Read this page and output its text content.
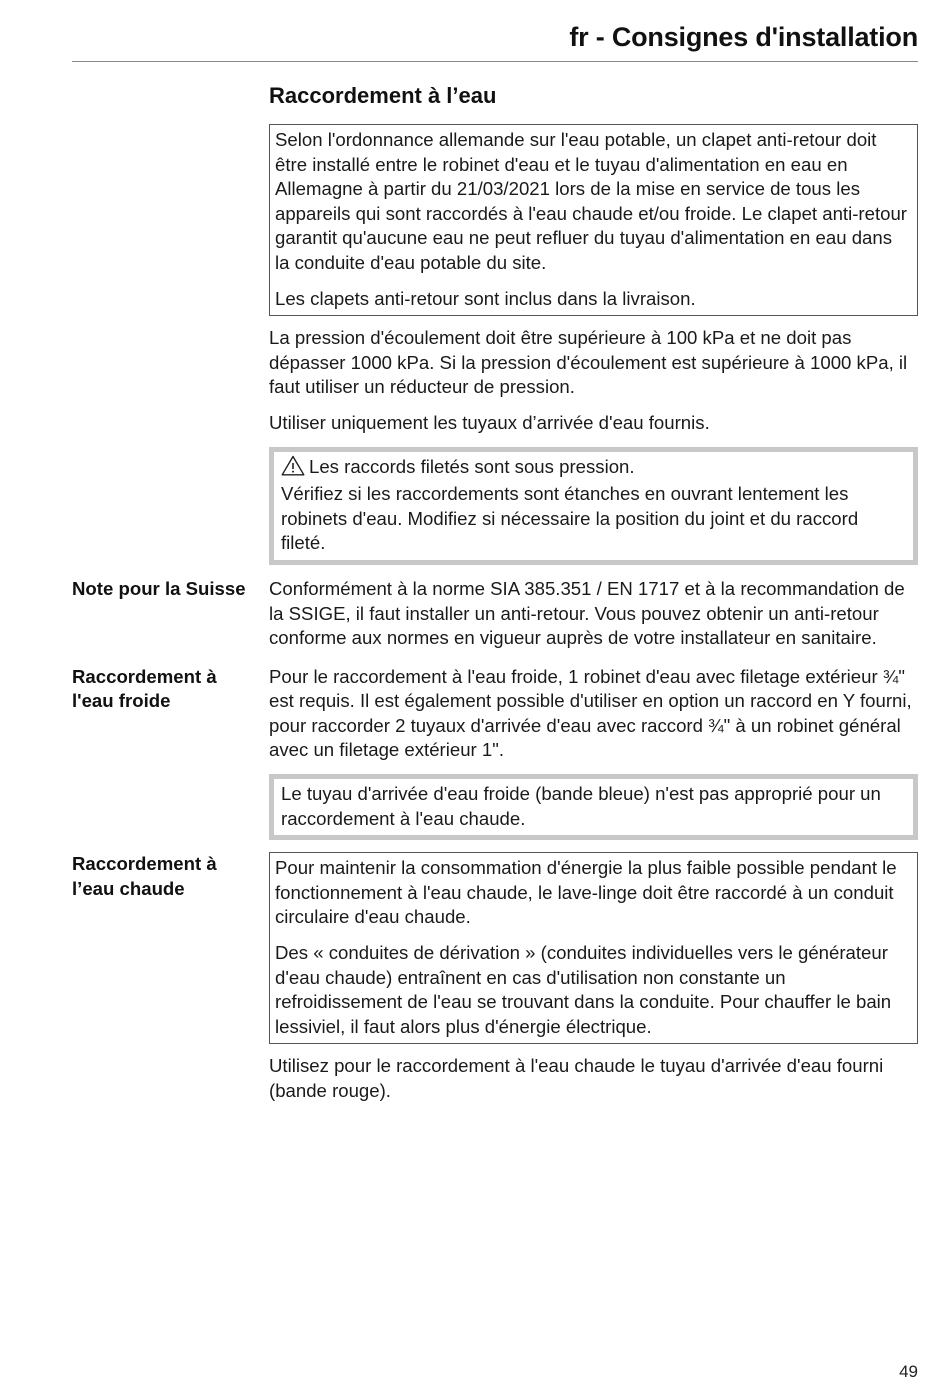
fr - Consignes d'installation
Raccordement à l’eau

Selon l'ordonnance allemande sur l'eau potable, un clapet anti-retour doit être installé entre le robinet d'eau et le tuyau d'alimentation en eau en Allemagne à partir du 21/03/2021 lors de la mise en service de tous les appareils qui sont raccordés à l'eau chaude et/ou froide. Le clapet anti-retour garantit qu'aucune eau ne peut refluer du tuyau d'alimentation en eau dans la conduite d'eau potable du site.

Les clapets anti-retour sont inclus dans la livraison.

La pression d'écoulement doit être supérieure à 100 kPa et ne doit pas dépasser 1000 kPa. Si la pression d'écoulement est supérieure à 1000 kPa, il faut utiliser un réducteur de pression.

Utiliser uniquement les tuyaux d’arrivée d'eau fournis.

Les raccords filetés sont sous pression.

Vérifiez si les raccordements sont étanches en ouvrant lentement les robinets d'eau. Modifiez si nécessaire la position du joint et du raccord fileté.

Note pour la Suisse	Conformément à la norme SIA 385.351 / EN 1717 et à la recommandation de la SSIGE, il faut installer un anti-retour. Vous pouvez obtenir un anti-retour conforme aux normes en vigueur auprès de votre installateur en sanitaire.

Raccordement à l'eau froide

Pour le raccordement à l'eau froide, 1 robinet d'eau avec filetage extérieur ¾" est requis. Il est également possible d'utiliser en option un raccord en Y fourni, pour raccorder 2 tuyaux d'arrivée d'eau avec raccord ¾" à un robinet général avec un filetage extérieur 1".

Le tuyau d'arrivée d'eau froide (bande bleue) n'est pas approprié pour un raccordement à l'eau chaude.

Raccordement à l’eau chaude

Pour maintenir la consommation d'énergie la plus faible possible pendant le fonctionnement à l'eau chaude, le lave-linge doit être raccordé à un conduit circulaire d'eau chaude.

Des « conduites de dérivation » (conduites individuelles vers le générateur d'eau chaude) entraînent en cas d'utilisation non constante un refroidissement de l'eau se trouvant dans la conduite. Pour chauffer le bain lessiviel, il faut alors plus d'énergie électrique.

Utilisez pour le raccordement à l'eau chaude le tuyau d'arrivée d'eau fourni (bande rouge).

49
